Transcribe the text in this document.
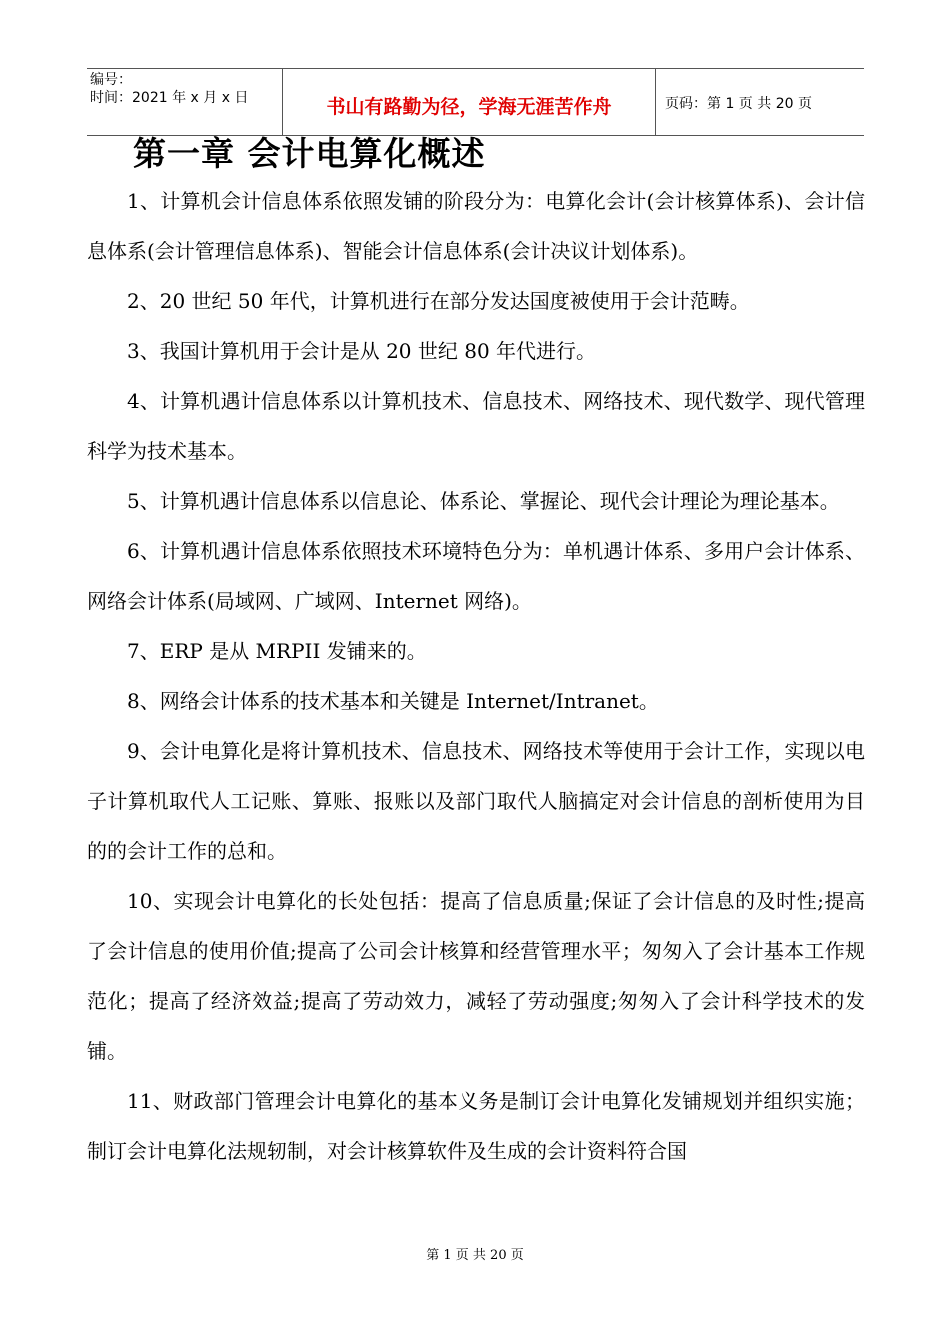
编号：
时间：2021 年 x 月 x 日	书山有路勤为径，学海无涯苦作舟	页码：第 1 页 共 20 页
第一章 会计电算化概述

1、计算机会计信息体系依照发铺的阶段分为：电算化会计(会计核算体系)、会计信息体系(会计管理信息体系)、智能会计信息体系(会计决议计划体系)。

2、20 世纪 50 年代，计算机进行在部分发达国度被使用于会计范畴。

3、我国计算机用于会计是从 20 世纪 80 年代进行。

4、计算机遇计信息体系以计算机技术、信息技术、网络技术、现代数学、现代管理科学为技术基本。

5、计算机遇计信息体系以信息论、体系论、掌握论、现代会计理论为理论基本。

6、计算机遇计信息体系依照技术环境特色分为：单机遇计体系、多用户会计体系、网络会计体系(局域网、广域网、Internet 网络)。

7、ERP 是从 MRPII 发铺来的。

8、网络会计体系的技术基本和关键是 Internet/Intranet。

9、会计电算化是将计算机技术、信息技术、网络技术等使用于会计工作，实现以电子计算机取代人工记账、算账、报账以及部门取代人脑搞定对会计信息的剖析使用为目的的会计工作的总和。

10、实现会计电算化的长处包括：提高了信息质量;保证了会计信息的及时性;提高了会计信息的使用价值;提高了公司会计核算和经营管理水平；匆匆入了会计基本工作规范化；提高了经济效益;提高了劳动效力，减轻了劳动强度;匆匆入了会计科学技术的发铺。

11、财政部门管理会计电算化的基本义务是制订会计电算化发铺规划并组织实施；制订会计电算化法规轫制，对会计核算软件及生成的会计资料符合国

第 1 页 共 20 页
